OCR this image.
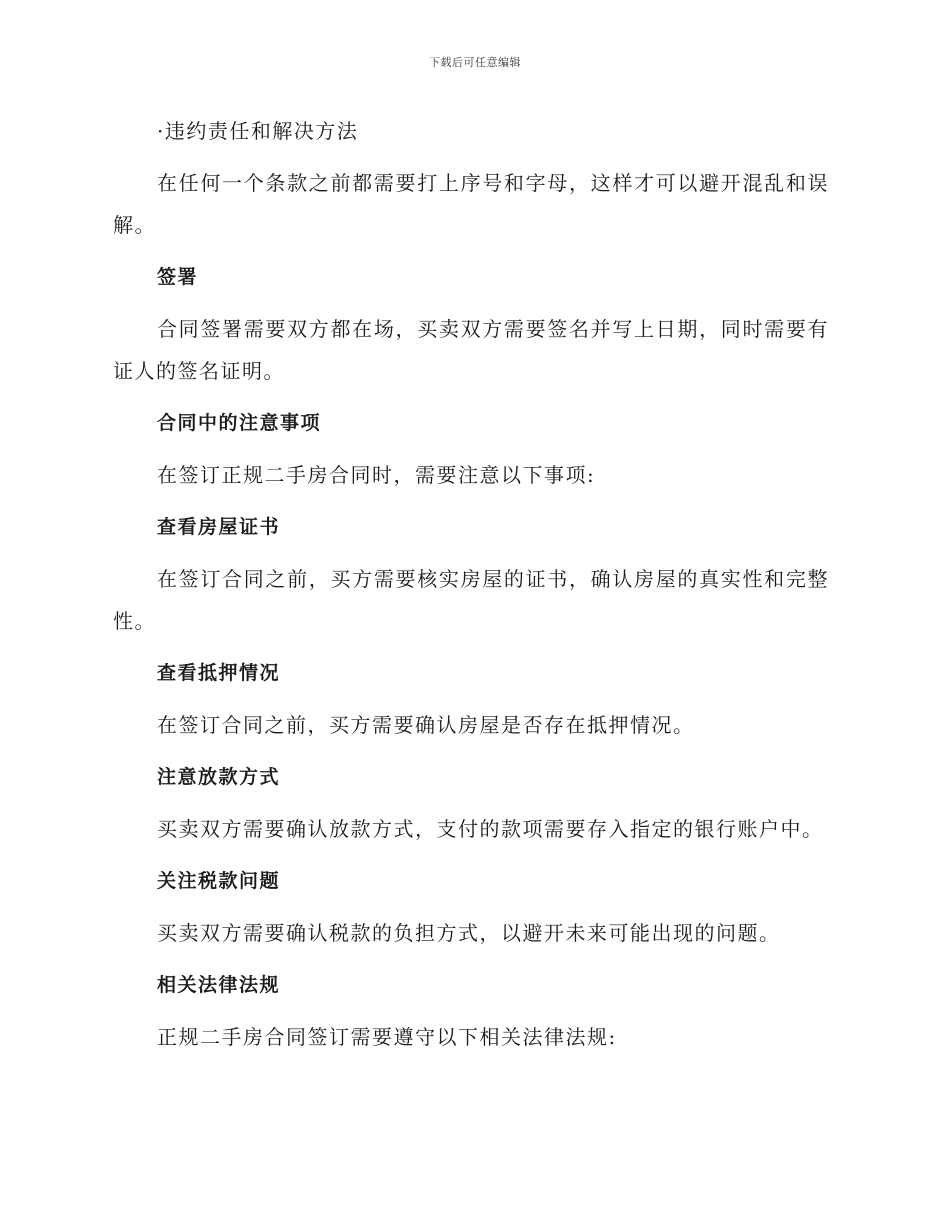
下载后可任意编辑
·违约责任和解决方法

在任何一个条款之前都需要打上序号和字母，这样才可以避开混乱和误解。

签署

合同签署需要双方都在场，买卖双方需要签名并写上日期，同时需要有证人的签名证明。

合同中的注意事项

在签订正规二手房合同时，需要注意以下事项:

查看房屋证书

在签订合同之前，买方需要核实房屋的证书，确认房屋的真实性和完整性。

查看抵押情况

在签订合同之前，买方需要确认房屋是否存在抵押情况。

注意放款方式

买卖双方需要确认放款方式，支付的款项需要存入指定的银行账户中。

关注税款问题

买卖双方需要确认税款的负担方式，以避开未来可能出现的问题。

相关法律法规

正规二手房合同签订需要遵守以下相关法律法规:
